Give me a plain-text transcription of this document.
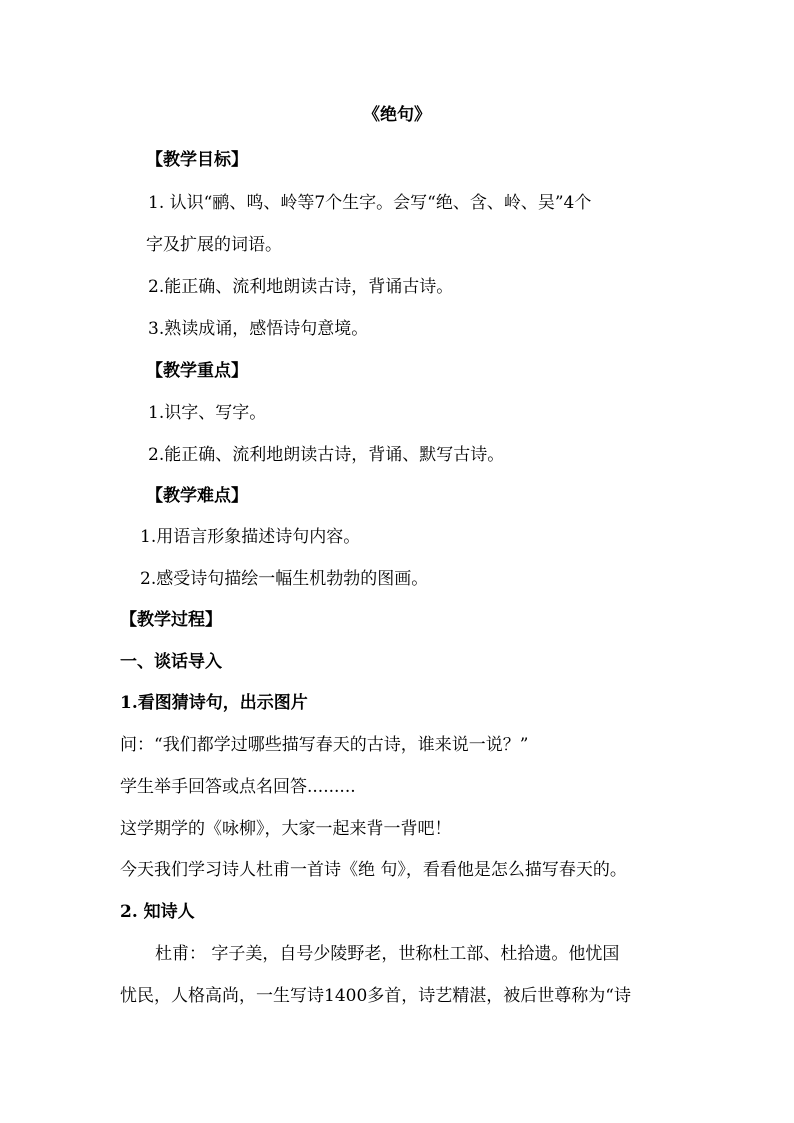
《绝句》
【教学目标】
1. 认识“鹂、鸣、岭等7个生字。会写“绝、含、岭、吴”4个
字及扩展的词语。
2.能正确、流利地朗读古诗，背诵古诗。
3.熟读成诵，感悟诗句意境。
【教学重点】
1.识字、写字。
2.能正确、流利地朗读古诗，背诵、默写古诗。
【教学难点】
1.用语言形象描述诗句内容。
2.感受诗句描绘一幅生机勃勃的图画。
【教学过程】
一、谈话导入
1.看图猜诗句，出示图片
问：“我们都学过哪些描写春天的古诗，谁来说一说？”
学生举手回答或点名回答.........
这学期学的《咏柳》，大家一起来背一背吧！
今天我们学习诗人杜甫一首诗《绝 句》，看看他是怎么描写春天的。
2. 知诗人
杜甫： 字子美，自号少陵野老，世称杜工部、杜拾遗。他忧国
忧民，人格高尚，一生写诗1400多首，诗艺精湛，被后世尊称为“诗
